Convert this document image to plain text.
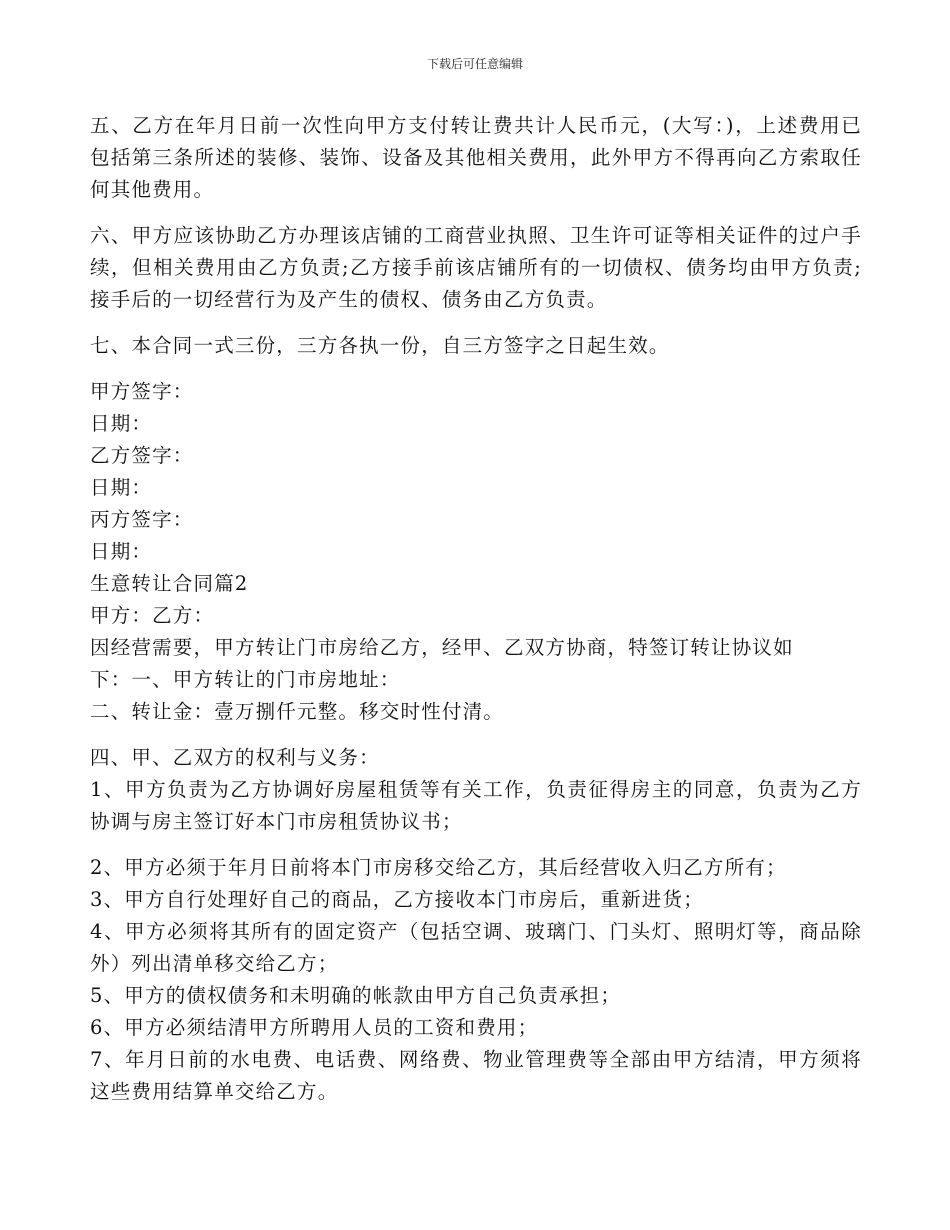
下载后可任意编辑

五、乙方在年月日前一次性向甲方支付转让费共计人民币元，(大写：)，上述费用已包括第三条所述的装修、装饰、设备及其他相关费用，此外甲方不得再向乙方索取任何其他费用。

六、甲方应该协助乙方办理该店铺的工商营业执照、卫生许可证等相关证件的过户手续，但相关费用由乙方负责;乙方接手前该店铺所有的一切债权、债务均由甲方负责;接手后的一切经营行为及产生的债权、债务由乙方负责。

七、本合同一式三份，三方各执一份，自三方签字之日起生效。

甲方签字：

日期：

乙方签字：

日期：

丙方签字：

日期：

生意转让合同篇2

甲方：乙方：

因经营需要，甲方转让门市房给乙方，经甲、乙双方协商，特签订转让协议如

下：一、甲方转让的门市房地址：

二、转让金：壹万捌仟元整。移交时性付清。

四、甲、乙双方的权利与义务：

1、甲方负责为乙方协调好房屋租赁等有关工作，负责征得房主的同意，负责为乙方协调与房主签订好本门市房租赁协议书；

2、甲方必须于年月日前将本门市房移交给乙方，其后经营收入归乙方所有；

3、甲方自行处理好自己的商品，乙方接收本门市房后，重新进货；

4、甲方必须将其所有的固定资产（包括空调、玻璃门、门头灯、照明灯等，商品除外）列出清单移交给乙方；

5、甲方的债权债务和未明确的帐款由甲方自己负责承担；

6、甲方必须结清甲方所聘用人员的工资和费用；

7、年月日前的水电费、电话费、网络费、物业管理费等全部由甲方结清，甲方须将这些费用结算单交给乙方。
